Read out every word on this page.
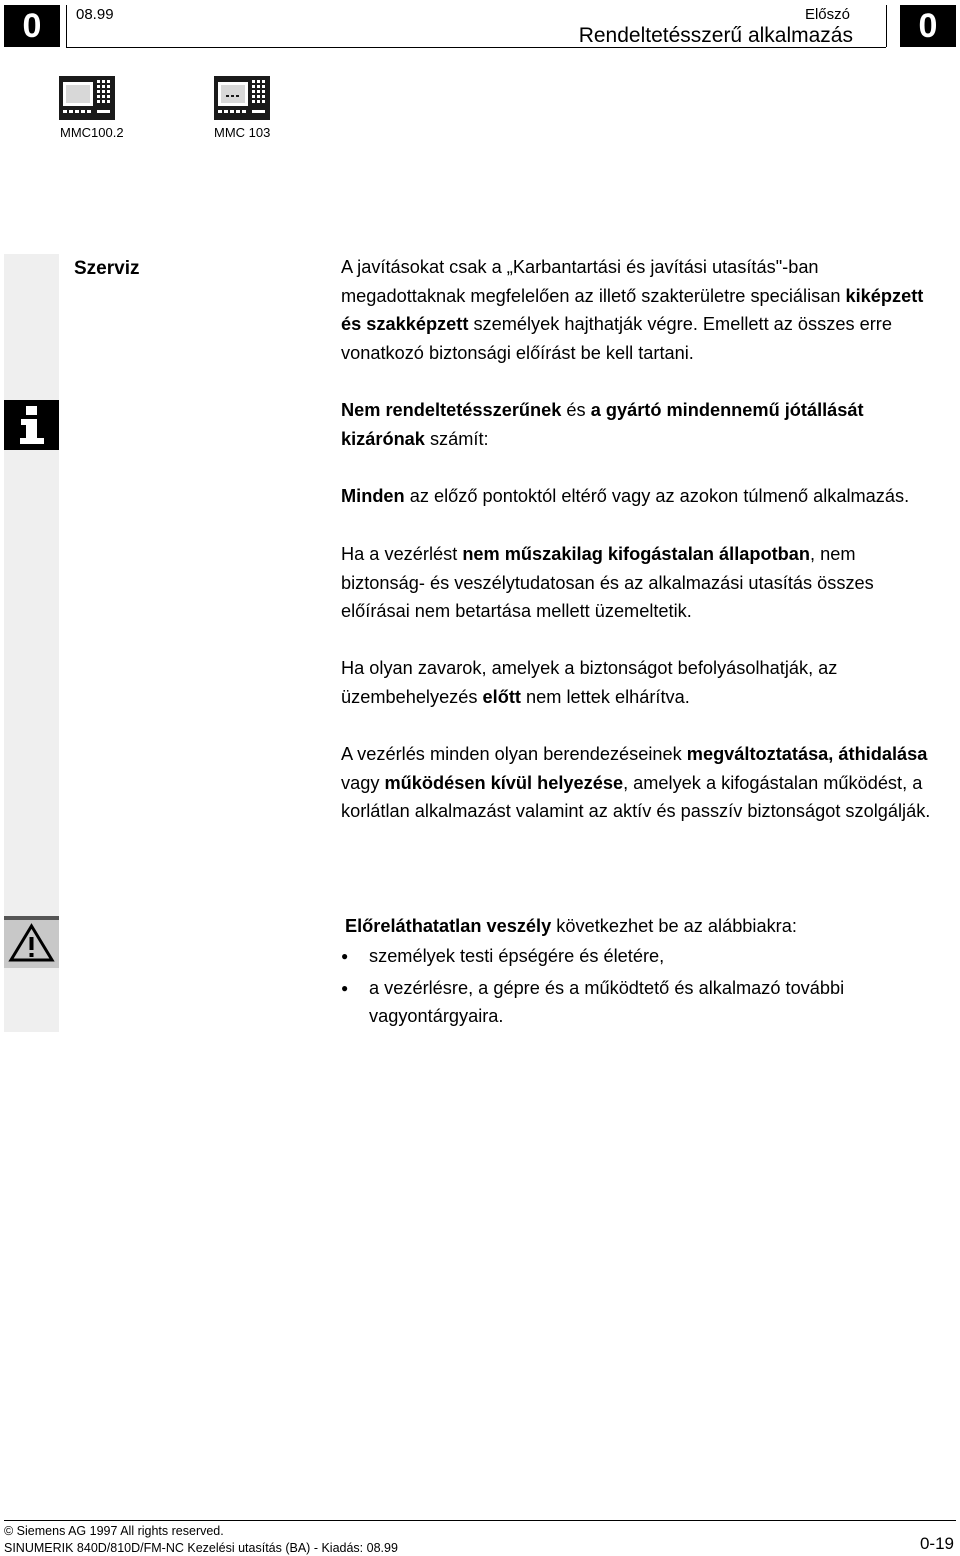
0	0
08.99	Előszó
Rendeltetésszerű alkalmazás
MMC100.2	MMC 103
Szerviz	A javításokat csak a „Karbantartási és javítási utasítás"-ban megadottaknak megfelelően az illető szakterületre speciálisan kiképzett és szakképzett személyek hajthatják végre. Emellett az összes erre vonatkozó biztonsági előírást be kell tartani.

Nem rendeltetésszerűnek és a gyártó mindennemű jótállását kizárónak számít:

Minden az előző pontoktól eltérő vagy az azokon túlmenő alkalmazás.

Ha a vezérlést nem műszakilag kifogástalan állapotban, nem biztonság- és veszélytudatosan és az alkalmazási utasítás összes előírásai nem betartása mellett üzemeltetik.

Ha olyan zavarok, amelyek a biztonságot befolyásolhatják, az üzembehelyezés előtt nem lettek elhárítva.

A vezérlés minden olyan berendezéseinek megváltoztatása, áthidalása vagy működésen kívül helyezése, amelyek a kifogástalan működést, a korlátlan alkalmazást valamint az aktív és passzív biztonságot szolgálják.

Előreláthatatlan veszély következhet be az alábbiakra:

●
személyek testi épségére és életére,
●
a vezérlésre, a gépre és a működtető és alkalmazó további vagyontárgyaira.
© Siemens AG 1997 All rights reserved.
SINUMERIK 840D/810D/FM-NC Kezelési utasítás (BA) - Kiadás: 08.99	0-19
